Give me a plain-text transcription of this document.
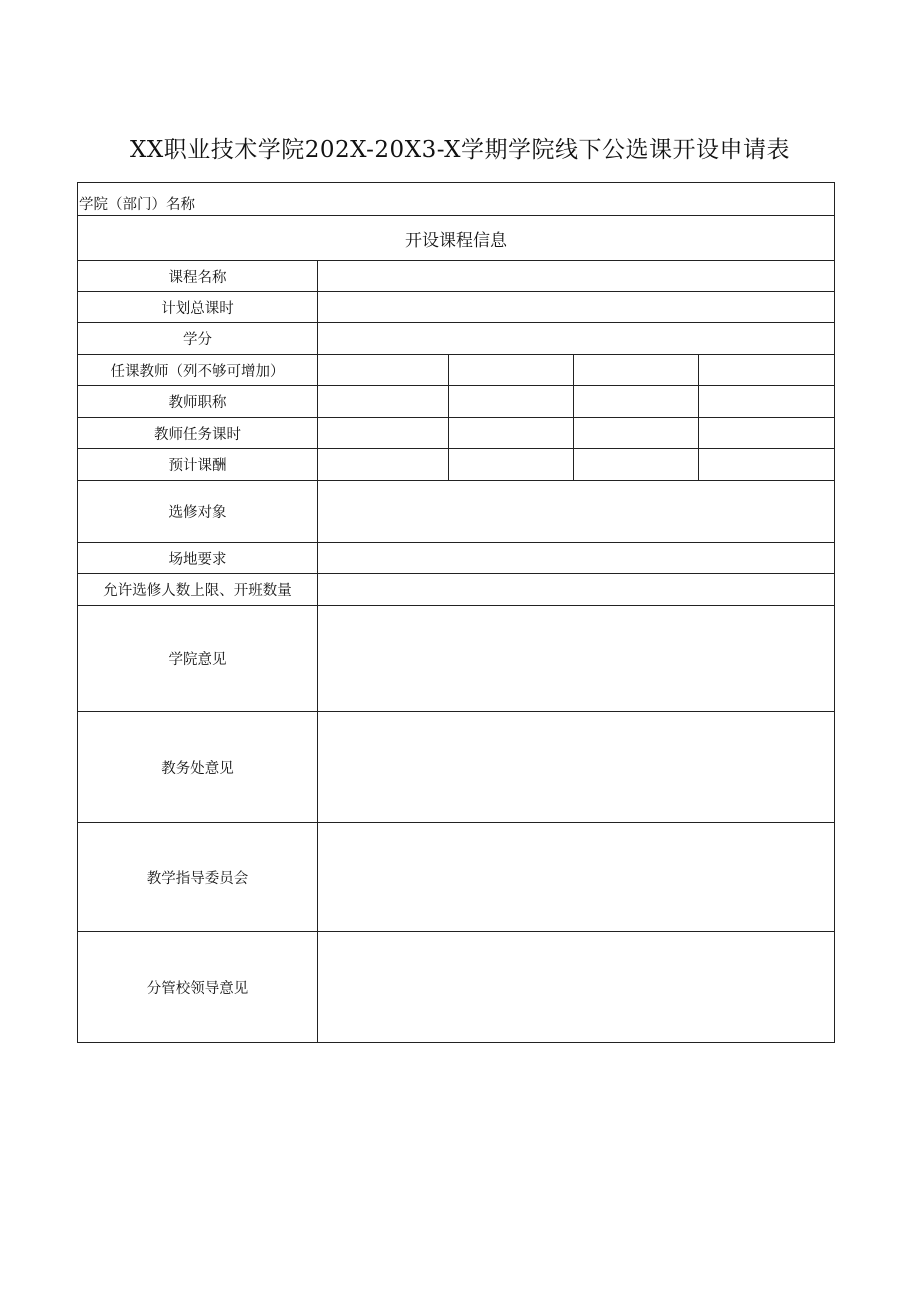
XX职业技术学院202X-20X3-X学期学院线下公选课开设申请表
学院（部门）名称				
开设课程信息				
课程名称				
计划总课时				
学分				
任课教师（列不够可增加）				
教师职称				
教师任务课时				
预计课酬				
选修对象				
场地要求				
允许选修人数上限、开班数量				
学院意见				
教务处意见				
教学指导委员会				
分管校领导意见				
